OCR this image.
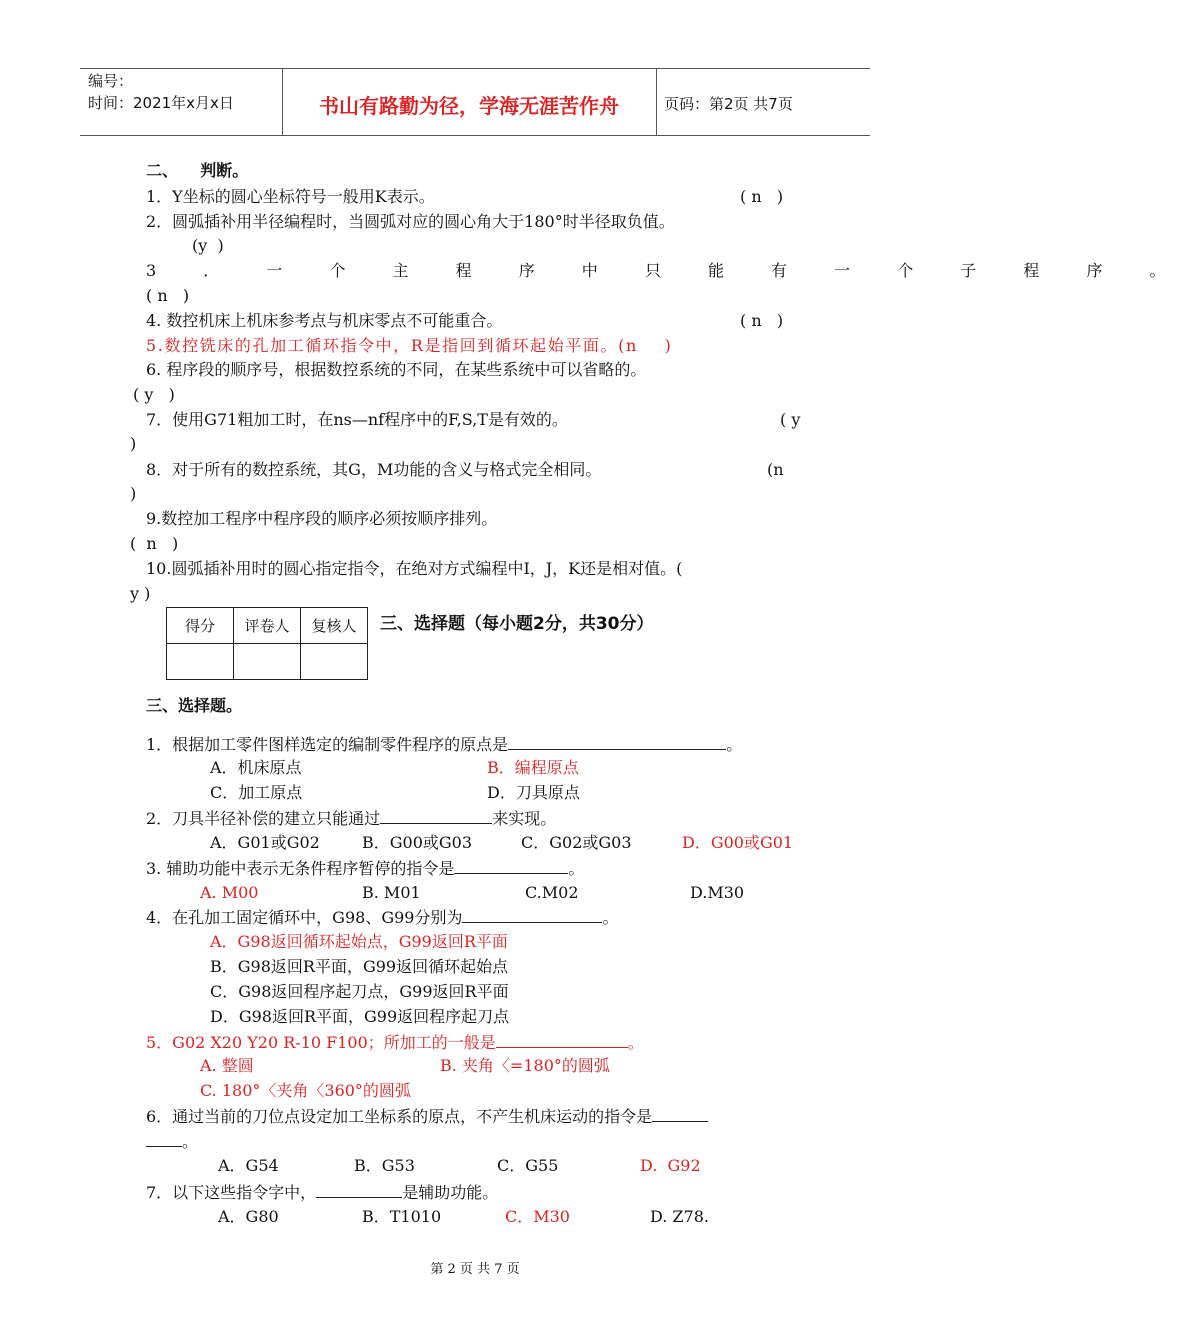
编号：
时间：2021年x月x日	书山有路勤为径，学海无涯苦作舟	页码：第2页 共7页
二、    判断。
1．Y坐标的圆心坐标符号一般用K表示。	( n   )
2．圆弧插补用半径编程时，当圆弧对应的圆心角大于180°时半径取负值。
(y  )
3 ． 一 个 主 程 序 中 只 能 有 一 个 子 程 序 。
( n   )
4. 数控机床上机床参考点与机床零点不可能重合。	( n   )
5.数控铣床的孔加工循环指令中，R是指回到循环起始平面。(n    )
6. 程序段的顺序号，根据数控系统的不同，在某些系统中可以省略的。
( y   )
7．使用G71粗加工时，在ns—nf程序中的F,S,T是有效的。	( y
)
8．对于所有的数控系统，其G，M功能的含义与格式完全相同。	(n
)
9.数控加工程序中程序段的顺序必须按顺序排列。
(  n   )
10.圆弧插补用时的圆心指定指令，在绝对方式编程中I，J，K还是相对值。(
y )
得分	评卷人	复核人
		三、选择题（每小题2分，共30分）
三、选择题。
1．根据加工零件图样选定的编制零件程序的原点是	。
A．机床原点	B．编程原点
C．加工原点	D．刀具原点
2．刀具半径补偿的建立只能通过	来实现。
A．G01或G02	B．G00或G03	C．G02或G03	D．G00或G01
3. 辅助功能中表示无条件程序暂停的指令是	。
A. M00	B. M01	C.M02	D.M30
4．在孔加工固定循环中，G98、G99分别为	。
A．G98返回循环起始点，G99返回R平面
B．G98返回R平面，G99返回循环起始点
C．G98返回程序起刀点，G99返回R平面
D．G98返回R平面，G99返回程序起刀点
5．G02 X20 Y20 R-10 F100；所加工的一般是	。
A. 整圆	B. 夹角〈=180°的圆弧
C. 180°〈夹角〈360°的圆弧
6．通过当前的刀位点设定加工坐标系的原点，不产生机床运动的指令是
。
A．G54	B．G53	C．G55	D.  G92
7．以下这些指令字中，	是辅助功能。
A．G80	B．T1010	C．M30	D. Z78.
第 2 页 共 7 页
